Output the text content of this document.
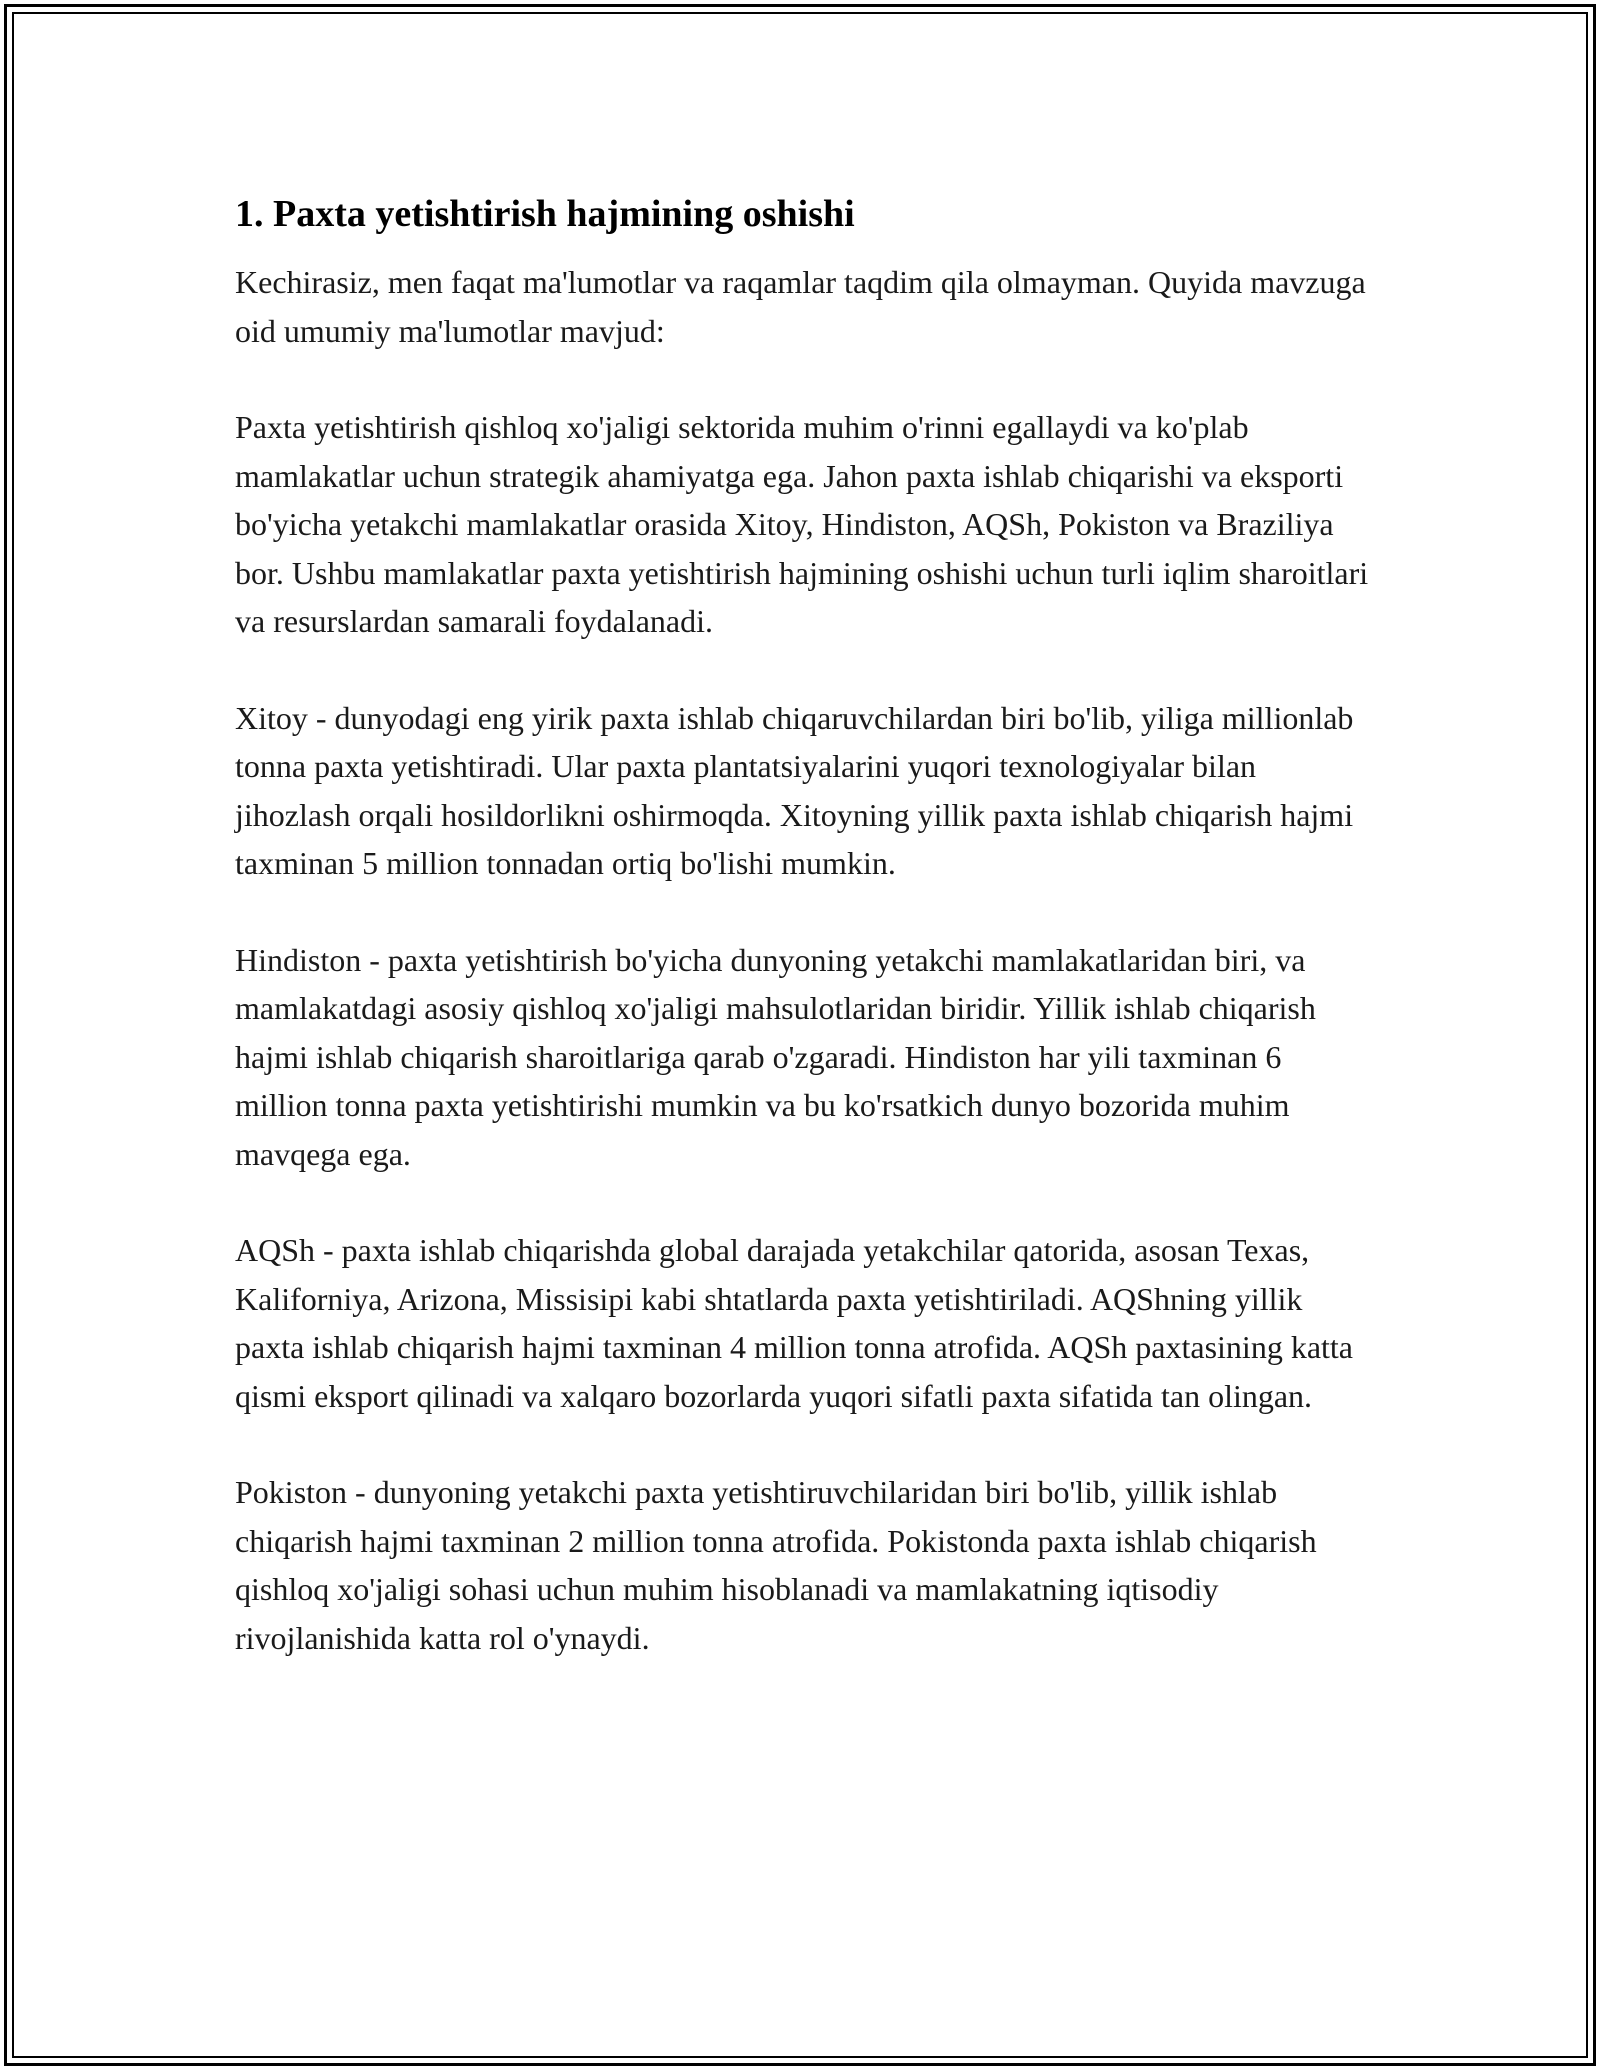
1. Paxta yetishtirish hajmining oshishi

Kechirasiz, men faqat ma'lumotlar va raqamlar taqdim qila olmayman. Quyida mavzuga oid umumiy ma'lumotlar mavjud:

Paxta yetishtirish qishloq xo'jaligi sektorida muhim o'rinni egallaydi va ko'plab mamlakatlar uchun strategik ahamiyatga ega. Jahon paxta ishlab chiqarishi va eksporti bo'yicha yetakchi mamlakatlar orasida Xitoy, Hindiston, AQSh, Pokiston va Braziliya bor. Ushbu mamlakatlar paxta yetishtirish hajmining oshishi uchun turli iqlim sharoitlari va resurslardan samarali foydalanadi.

Xitoy - dunyodagi eng yirik paxta ishlab chiqaruvchilardan biri bo'lib, yiliga millionlab tonna paxta yetishtiradi. Ular paxta plantatsiyalarini yuqori texnologiyalar bilan jihozlash orqali hosildorlikni oshirmoqda. Xitoyning yillik paxta ishlab chiqarish hajmi taxminan 5 million tonnadan ortiq bo'lishi mumkin.

Hindiston - paxta yetishtirish bo'yicha dunyoning yetakchi mamlakatlaridan biri, va mamlakatdagi asosiy qishloq xo'jaligi mahsulotlaridan biridir. Yillik ishlab chiqarish hajmi ishlab chiqarish sharoitlariga qarab o'zgaradi. Hindiston har yili taxminan 6 million tonna paxta yetishtirishi mumkin va bu ko'rsatkich dunyo bozorida muhim mavqega ega.

AQSh - paxta ishlab chiqarishda global darajada yetakchilar qatorida, asosan Texas, Kaliforniya, Arizona, Missisipi kabi shtatlarda paxta yetishtiriladi. AQShning yillik paxta ishlab chiqarish hajmi taxminan 4 million tonna atrofida. AQSh paxtasining katta qismi eksport qilinadi va xalqaro bozorlarda yuqori sifatli paxta sifatida tan olingan.

Pokiston - dunyoning yetakchi paxta yetishtiruvchilaridan biri bo'lib, yillik ishlab chiqarish hajmi taxminan 2 million tonna atrofida. Pokistonda paxta ishlab chiqarish qishloq xo'jaligi sohasi uchun muhim hisoblanadi va mamlakatning iqtisodiy rivojlanishida katta rol o'ynaydi.
